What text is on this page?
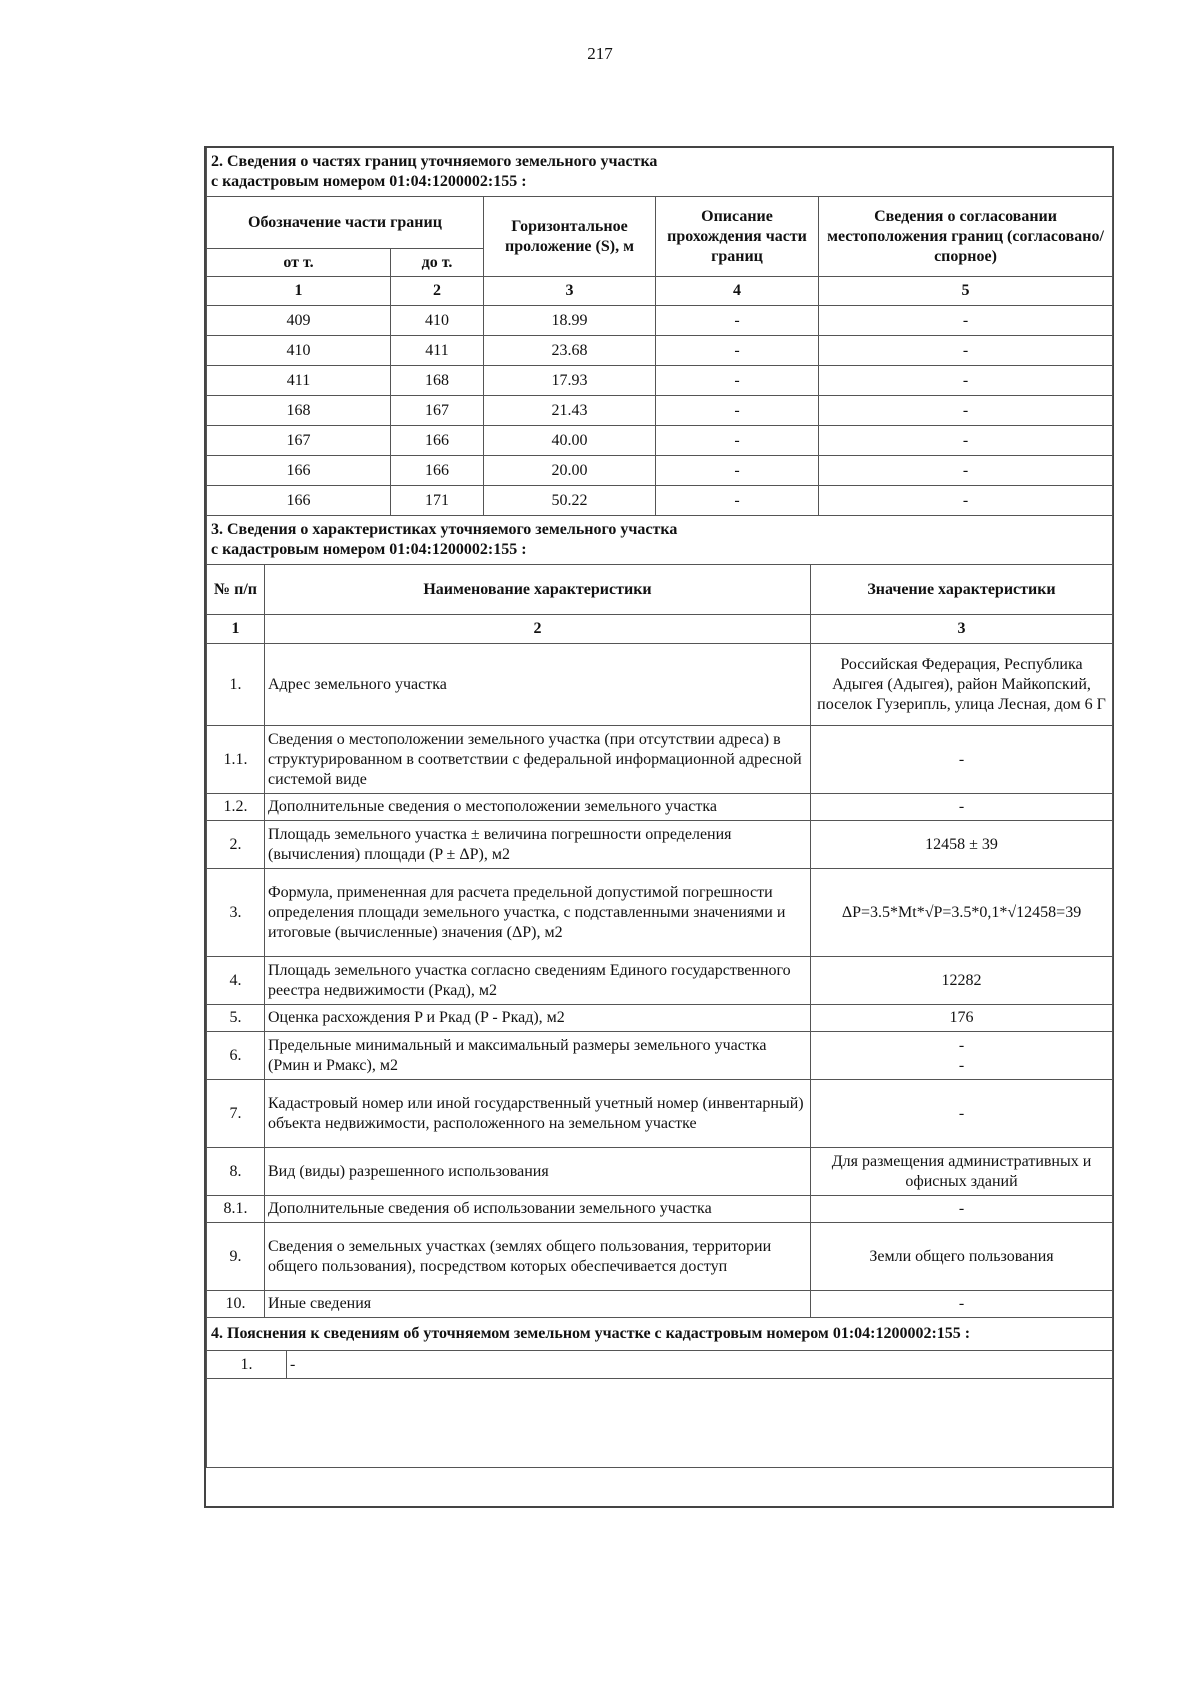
217
2. Сведения о частях границ уточняемого земельного участка
с кадастровым номером 01:04:1200002:155 :				

Обозначение части границ		Горизонтальное проложение (S), м	Описание прохождения части границ	Сведения о согласовании местоположения границ (согласовано/спорное)
от т.	до т.			
1	2	3	4	5
409	410	18.99	-	-
410	411	23.68	-	-
411	168	17.93	-	-
168	167	21.43	-	-
167	166	40.00	-	-
166	166	20.00	-	-
166	171	50.22	-	-
3. Сведения о характеристиках уточняемого земельного участка
с кадастровым номером 01:04:1200002:155 :		

№ п/п	Наименование характеристики	Значение характеристики
1	2	3
1.	Адрес земельного участка	Российская Федерация, Республика Адыгея (Адыгея), район Майкопский, поселок Гузерипль, улица Лесная, дом 6 Г
1.1.	Сведения о местоположении земельного участка (при отсутствии адреса) в структурированном в соответствии с федеральной информационной адресной системой виде	-
1.2.	Дополнительные сведения о местоположении земельного участка	-
2.	Площадь земельного участка ± величина погрешности определения (вычисления) площади (P ± ΔP), м2	12458 ± 39
3.	Формула, примененная для расчета предельной допустимой погрешности определения площади земельного участка, с подставленными значениями и итоговые (вычисленные) значения (ΔP), м2	ΔP=3.5*Mt*√P=3.5*0,1*√12458=39
4.	Площадь земельного участка согласно сведениям Единого государственного реестра недвижимости (Pкад), м2	12282
5.	Оценка расхождения P и Pкад (P - Pкад), м2	176
6.	Предельные минимальный и максимальный размеры земельного участка (Pмин и Pмакс), м2	-
-
7.	Кадастровый номер или иной государственный учетный номер (инвентарный) объекта недвижимости, расположенного на земельном участке	-
8.	Вид (виды) разрешенного использования	Для размещения административных и офисных зданий
8.1.	Дополнительные сведения об использовании земельного участка	-
9.	Сведения о земельных участках (землях общего пользования, территории общего пользования), посредством которых обеспечивается доступ	Земли общего пользования
10.	Иные сведения	-
4. Пояснения к сведениям об уточняемом земельном участке с кадастровым номером 01:04:1200002:155 :
1.	-
